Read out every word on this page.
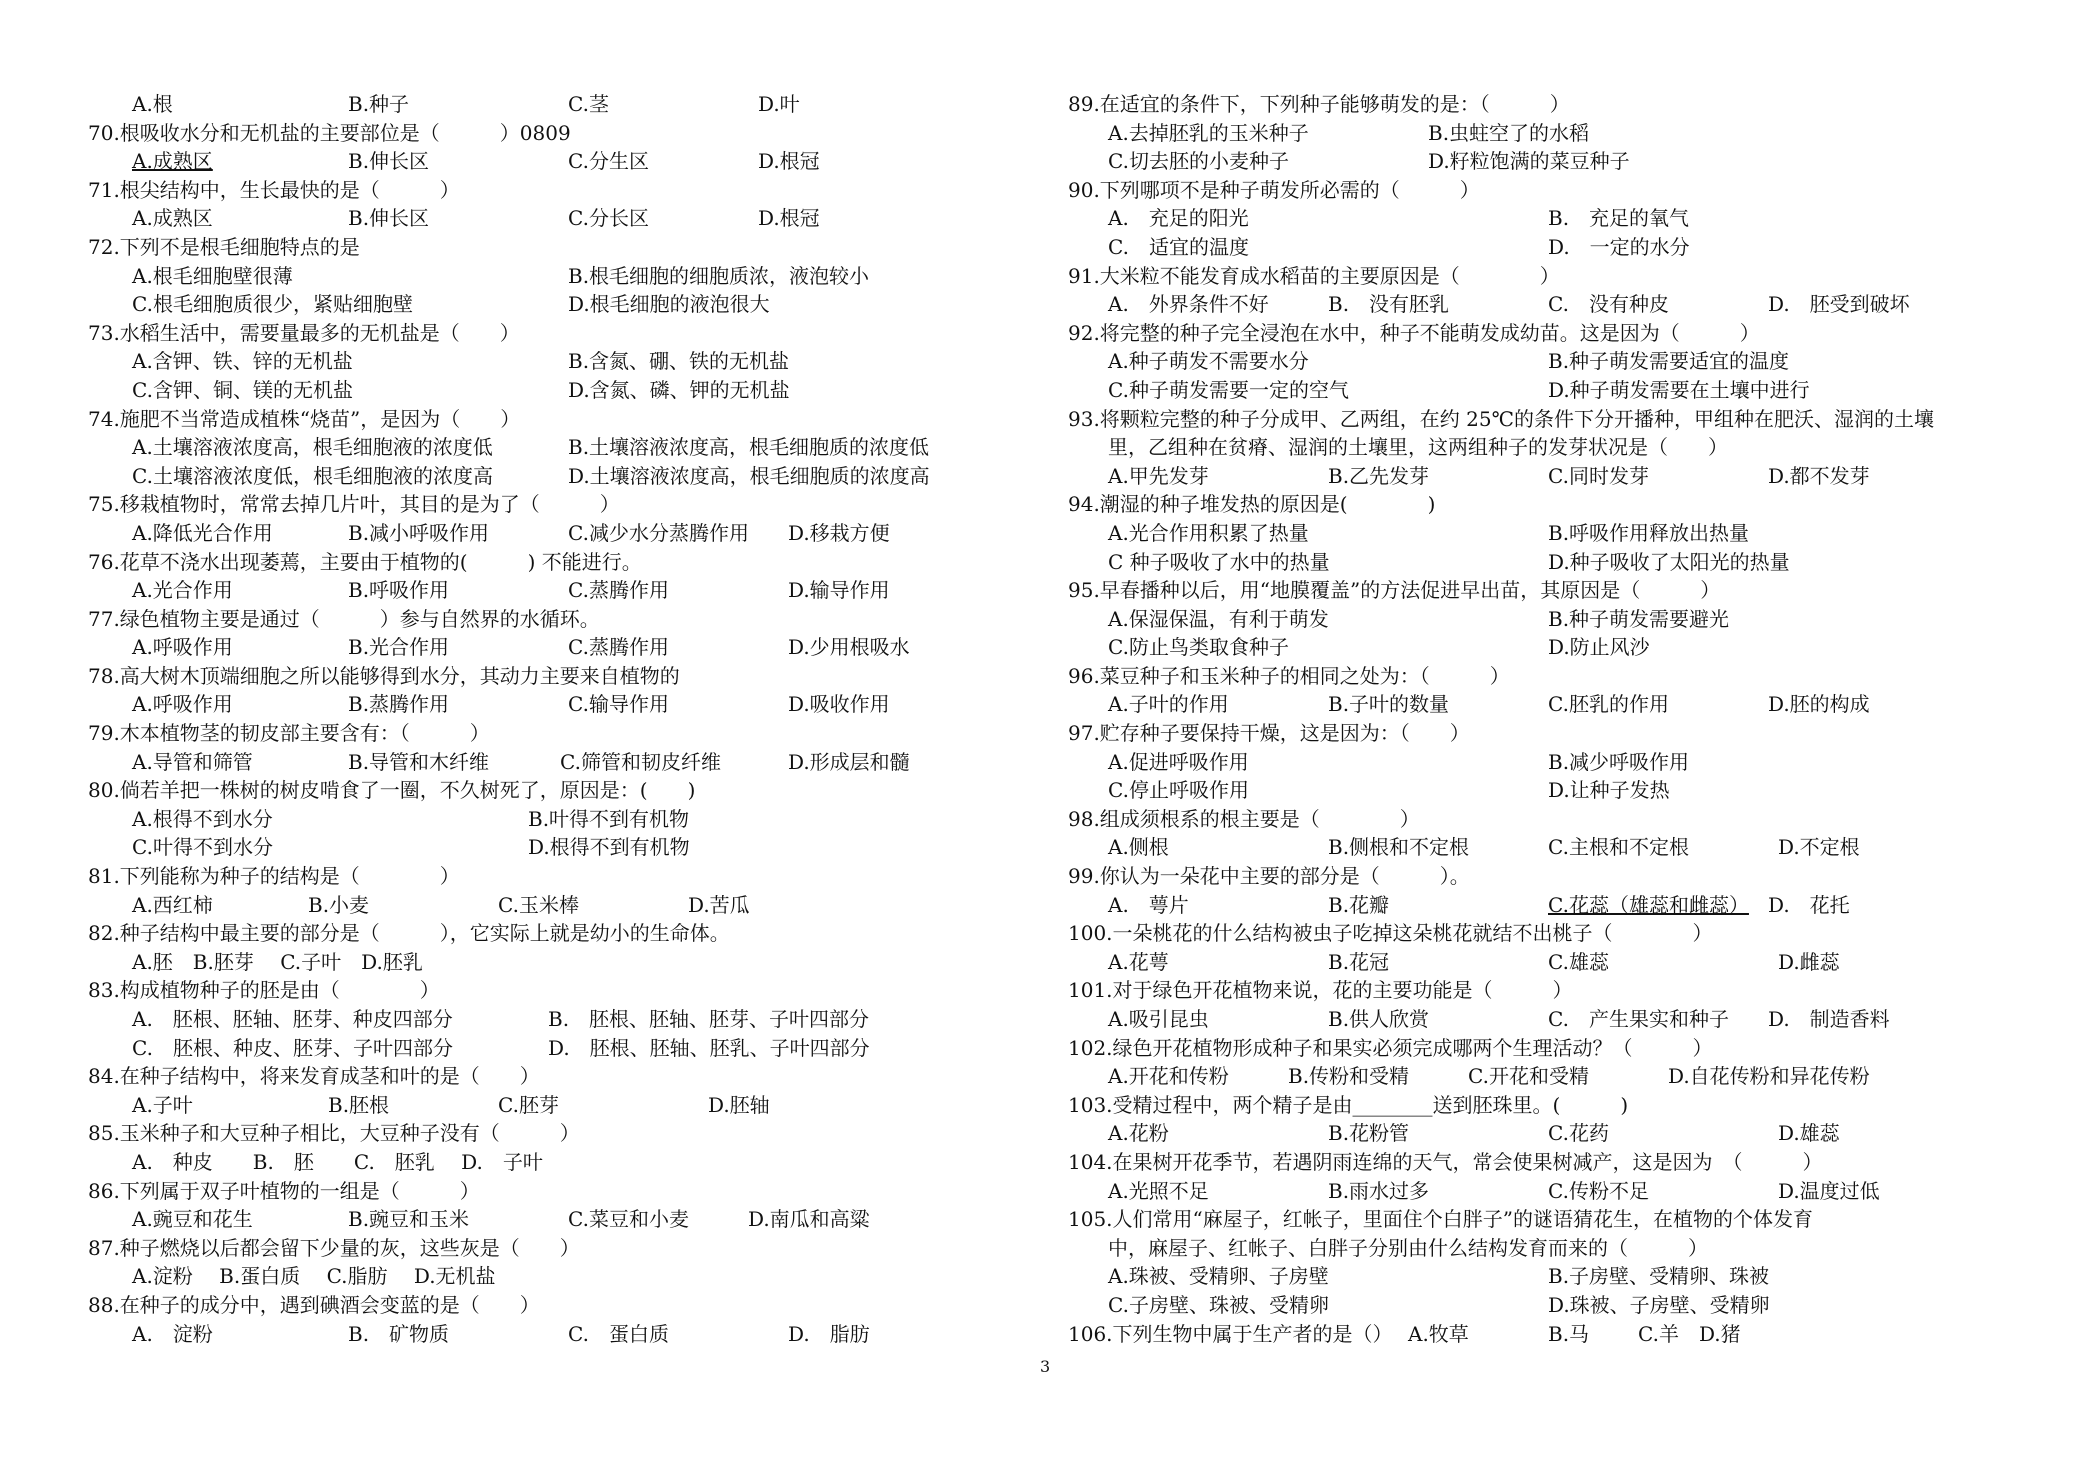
A.根	B.种子	C.茎	D.叶
70.根吸收水分和无机盐的主要部位是（　　　）0809
A.成熟区	B.伸长区	C.分生区	D.根冠
71.根尖结构中，生长最快的是（　　　）
A.成熟区	B.伸长区	C.分长区	D.根冠
72.下列不是根毛细胞特点的是
A.根毛细胞壁很薄	B.根毛细胞的细胞质浓，液泡较小
C.根毛细胞质很少，紧贴细胞壁	D.根毛细胞的液泡很大
73.水稻生活中，需要量最多的无机盐是（　　）
A.含钾、铁、锌的无机盐	B.含氮、硼、铁的无机盐
C.含钾、铜、镁的无机盐	D.含氮、磷、钾的无机盐
74.施肥不当常造成植株“烧苗”，是因为（　　）
A.土壤溶液浓度高，根毛细胞液的浓度低	B.土壤溶液浓度高，根毛细胞质的浓度低
C.土壤溶液浓度低，根毛细胞液的浓度高	D.土壤溶液浓度高，根毛细胞质的浓度高
75.移栽植物时，常常去掉几片叶，其目的是为了（　　　）
A.降低光合作用	B.减小呼吸作用	C.减少水分蒸腾作用 D.移栽方便
76.花草不浇水出现萎蔫，主要由于植物的(　　　) 不能进行。
A.光合作用	B.呼吸作用	C.蒸腾作用	D.输导作用
77.绿色植物主要是通过（　　　）参与自然界的水循环。
A.呼吸作用	B.光合作用	C.蒸腾作用	D.少用根吸水
78.高大树木顶端细胞之所以能够得到水分，其动力主要来自植物的
A.呼吸作用	B.蒸腾作用	C.输导作用	D.吸收作用
79.木本植物茎的韧皮部主要含有：（　　　）
A.导管和筛管	B.导管和木纤维	C.筛管和韧皮纤维	D.形成层和髓
80.倘若羊把一株树的树皮啃食了一圈，不久树死了，原因是：(　　)
A.根得不到水分	B.叶得不到有机物
C.叶得不到水分	D.根得不到有机物
81.下列能称为种子的结构是（　　　　）
A.西红柿	B.小麦	C.玉米棒	D.苦瓜
82.种子结构中最主要的部分是（　　　），它实际上就是幼小的生命体。
A.胚　B.胚芽　 C.子叶　D.胚乳
83.构成植物种子的胚是由（　　　　）
A.　胚根、胚轴、胚芽、种皮四部分	B.　胚根、胚轴、胚芽、子叶四部分
C.　胚根、种皮、胚芽、子叶四部分	D.　胚根、胚轴、胚乳、子叶四部分
84.在种子结构中，将来发育成茎和叶的是（　　）
A.子叶	B.胚根	C.胚芽	D.胚轴
85.玉米种子和大豆种子相比，大豆种子没有（　　　）
A.　种皮　　B.　胚　　C.　胚乳　 D.　子叶
86.下列属于双子叶植物的一组是（　　　）
A.豌豆和花生	B.豌豆和玉米	C.菜豆和小麦	D.南瓜和高粱
87.种子燃烧以后都会留下少量的灰，这些灰是（　　）
A.淀粉　 B.蛋白质　 C.脂肪　 D.无机盐
88.在种子的成分中，遇到碘酒会变蓝的是（　　）
A.　淀粉	B.　矿物质	C.　蛋白质	D.　脂肪
89.在适宜的条件下，下列种子能够萌发的是：（　　　）
A.去掉胚乳的玉米种子	B.虫蛀空了的水稻
C.切去胚的小麦种子	D.籽粒饱满的菜豆种子
90.下列哪项不是种子萌发所必需的（　　　）
A.　充足的阳光	B.　充足的氧气
C.　适宜的温度	D.　一定的水分
91.大米粒不能发育成水稻苗的主要原因是（　　　　）
A.　外界条件不好	B.　没有胚乳	C.　没有种皮	D.　胚受到破坏
92.将完整的种子完全浸泡在水中，种子不能萌发成幼苗。这是因为（　　　）
A.种子萌发不需要水分	B.种子萌发需要适宜的温度
C.种子萌发需要一定的空气	D.种子萌发需要在土壤中进行
93.将颗粒完整的种子分成甲、乙两组，在约 25℃的条件下分开播种，甲组种在肥沃、湿润的土壤
里，乙组种在贫瘠、湿润的土壤里，这两组种子的发芽状况是（　　）
A.甲先发芽	B.乙先发芽	C.同时发芽	D.都不发芽
94.潮湿的种子堆发热的原因是(　　　　)
A.光合作用积累了热量	B.呼吸作用释放出热量
C 种子吸收了水中的热量	D.种子吸收了太阳光的热量
95.早春播种以后，用“地膜覆盖”的方法促进早出苗，其原因是（　　　）
A.保湿保温，有利于萌发	B.种子萌发需要避光
C.防止鸟类取食种子	D.防止风沙
96.菜豆种子和玉米种子的相同之处为：（　　　）
A.子叶的作用	B.子叶的数量	C.胚乳的作用	D.胚的构成
97.贮存种子要保持干燥，这是因为：（　　）
A.促进呼吸作用	B.减少呼吸作用
C.停止呼吸作用	D.让种子发热
98.组成须根系的根主要是（　　　　）
A.侧根	B.侧根和不定根	C.主根和不定根	D.不定根
99.你认为一朵花中主要的部分是（　　　）。
A.　萼片	B.花瓣	C.花蕊（雄蕊和雌蕊） D.　花托
100.一朵桃花的什么结构被虫子吃掉这朵桃花就结不出桃子（　　　　）
A.花萼	B.花冠	C.雄蕊	D.雌蕊
101.对于绿色开花植物来说，花的主要功能是（　　　）
A.吸引昆虫	B.供人欣赏	C.　产生果实和种子 D.　制造香料
102.绿色开花植物形成种子和果实必须完成哪两个生理活动？（　　　）
A.开花和传粉	B.传粉和受精	C.开花和受精	D.自花传粉和异花传粉
103.受精过程中，两个精子是由________送到胚珠里。(　　　)
A.花粉	B.花粉管	C.花药	D.雄蕊
104.在果树开花季节，若遇阴雨连绵的天气，常会使果树减产，这是因为　（　　　）
A.光照不足	B.雨水过多	C.传粉不足	D.温度过低
105.人们常用“麻屋子，红帐子，里面住个白胖子”的谜语猜花生，在植物的个体发育
中，麻屋子、红帐子、白胖子分别由什么结构发育而来的（　　　）
A.珠被、受精卵、子房壁	B.子房壁、受精卵、珠被
C.子房壁、珠被、受精卵	D.珠被、子房壁、受精卵
106.下列生物中属于生产者的是（） A.牧草	B.马 C.羊　D.猪
3
